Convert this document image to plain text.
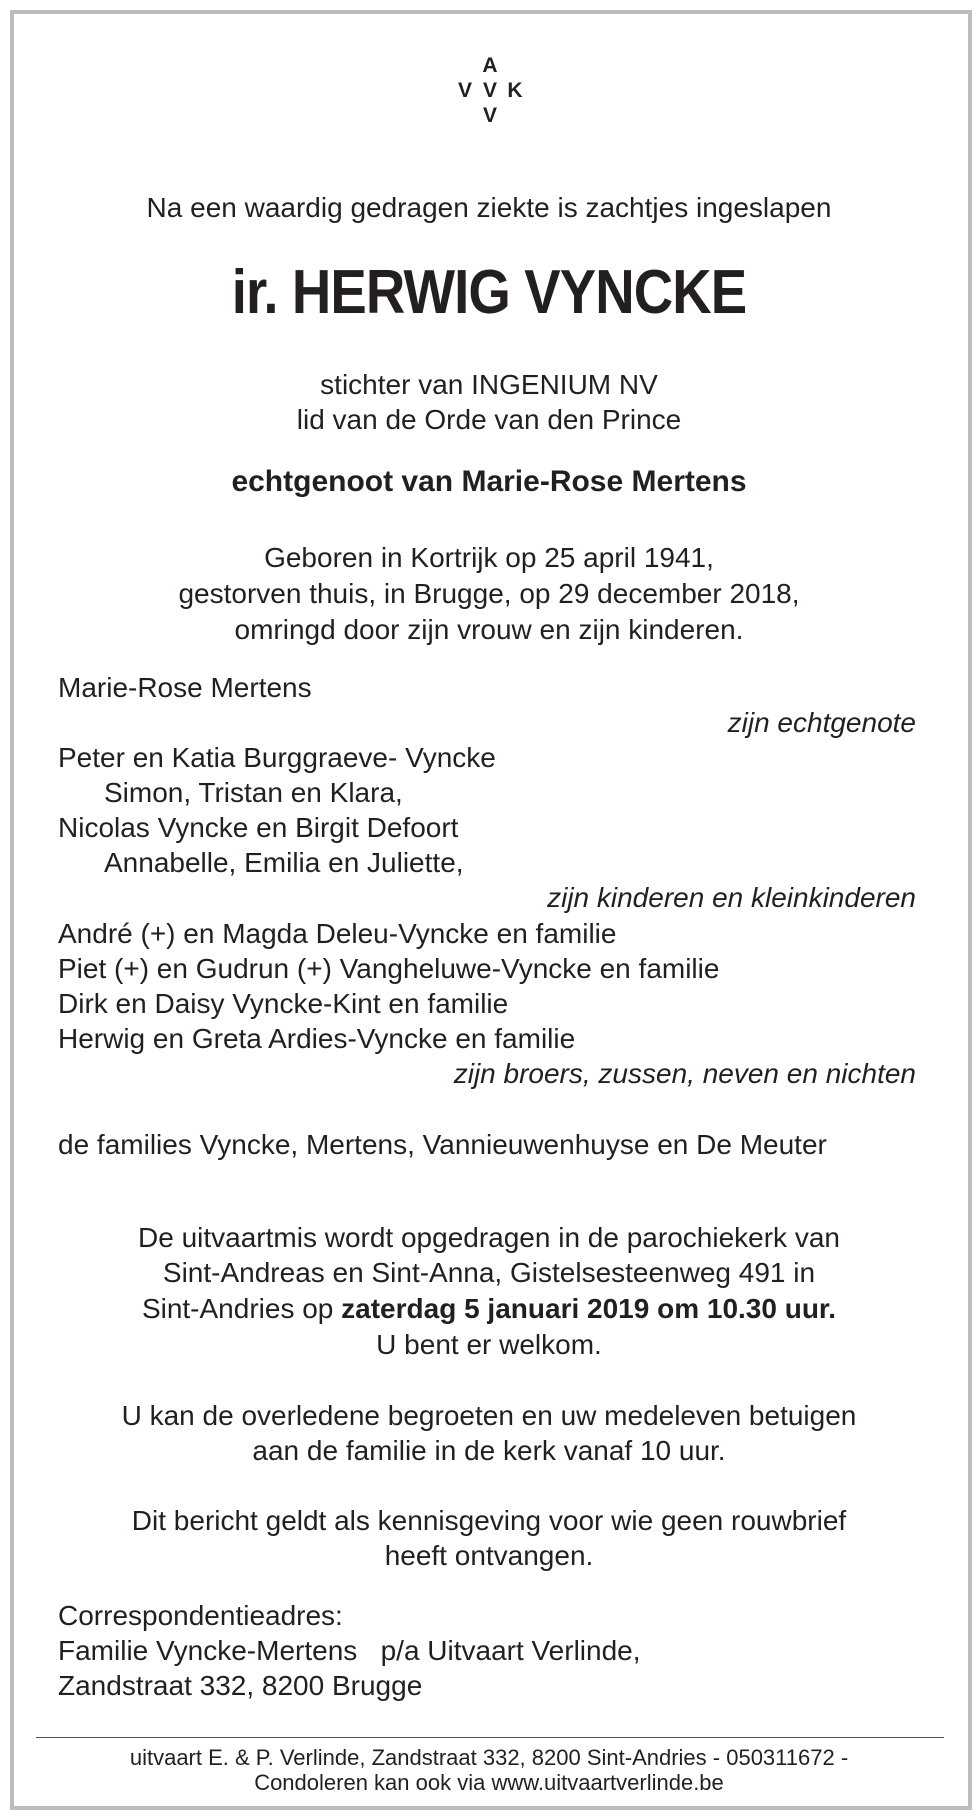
A
V V K
V
Na een waardig gedragen ziekte is zachtjes ingeslapen
ir. HERWIG VYNCKE
stichter van INGENIUM NV
lid van de Orde van den Prince
echtgenoot van Marie-Rose Mertens
Geboren in Kortrijk op 25 april 1941,
gestorven thuis, in Brugge, op 29 december 2018,
omringd door zijn vrouw en zijn kinderen.
Marie-Rose Mertens
zijn echtgenote
Peter en Katia Burggraeve- Vyncke
Simon, Tristan en Klara,
Nicolas Vyncke en Birgit Defoort
Annabelle, Emilia en Juliette,
zijn kinderen en kleinkinderen
André (+) en Magda Deleu-Vyncke en familie
Piet (+) en Gudrun (+) Vangheluwe-Vyncke en familie
Dirk en Daisy Vyncke-Kint en familie
Herwig en Greta Ardies-Vyncke en familie
zijn broers, zussen, neven en nichten
de families Vyncke, Mertens, Vannieuwenhuyse en De Meuter
De uitvaartmis wordt opgedragen in de parochiekerk van
Sint-Andreas en Sint-Anna, Gistelsesteenweg 491 in
Sint-Andries op zaterdag 5 januari 2019 om 10.30 uur.
U bent er welkom.
U kan de overledene begroeten en uw medeleven betuigen
aan de familie in de kerk vanaf 10 uur.
Dit bericht geldt als kennisgeving voor wie geen rouwbrief
heeft ontvangen.
Correspondentieadres:
Familie Vyncke-Mertens   p/a Uitvaart Verlinde,
Zandstraat 332, 8200 Brugge
uitvaart E. & P. Verlinde, Zandstraat 332, 8200 Sint-Andries - 050311672 -
Condoleren kan ook via www.uitvaartverlinde.be
